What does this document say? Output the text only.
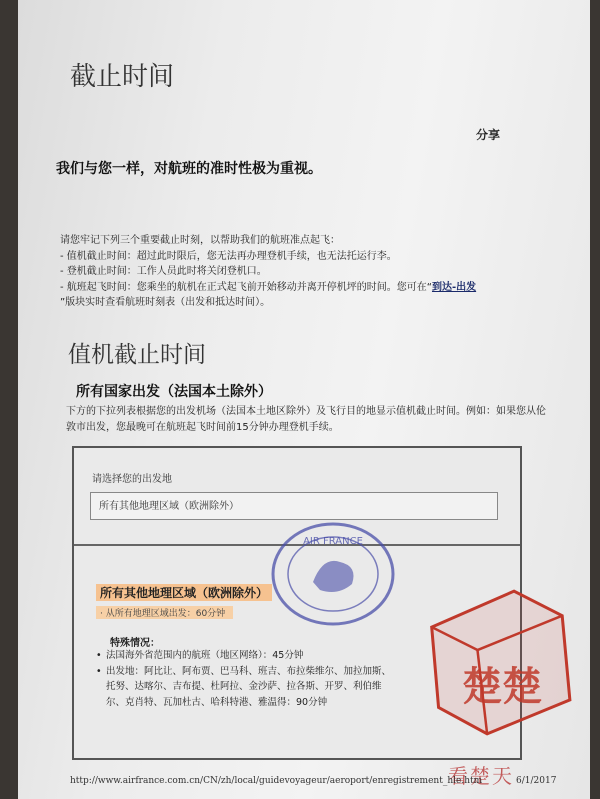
截止时间
分享
我们与您一样，对航班的准时性极为重视。
请您牢记下列三个重要截止时刻，以帮助我们的航班准点起飞：
- 值机截止时间：超过此时限后，您无法再办理登机手续，也无法托运行李。
- 登机截止时间：工作人员此时将关闭登机口。
- 航班起飞时间：您乘坐的航机在正式起飞前开始移动并离开停机坪的时间。您可在“到达-出发
”版块实时查看航班时刻表（出发和抵达时间）。
值机截止时间
所有国家出发（法国本土除外）
下方的下拉列表根据您的出发机场（法国本土地区除外）及飞行目的地显示值机截止时间。例如：如果您从伦敦市出发，您最晚可在航班起飞时间前15分钟办理登机手续。
请选择您的出发地
所有其他地理区域（欧洲除外）
所有其他地理区域（欧洲除外）
· 从所有地理区域出发：60分钟
特殊情况：
• 法国海外省范围内的航班（地区网络）：45分钟
• 出发地：阿比让、阿布贾、巴马科、班吉、布拉柴维尔、加拉加斯、托努、达喀尔、吉布提、杜阿拉、金沙萨、拉各斯、开罗、利伯维尔、克肖特、瓦加杜古、哈科特港、雅温得：90分钟
AIR FRANCE
楚楚
看楚天
http://www.airfrance.com.cn/CN/zh/local/guidevoyageur/aeroport/enregistrement_hle.htm	6/1/2017
